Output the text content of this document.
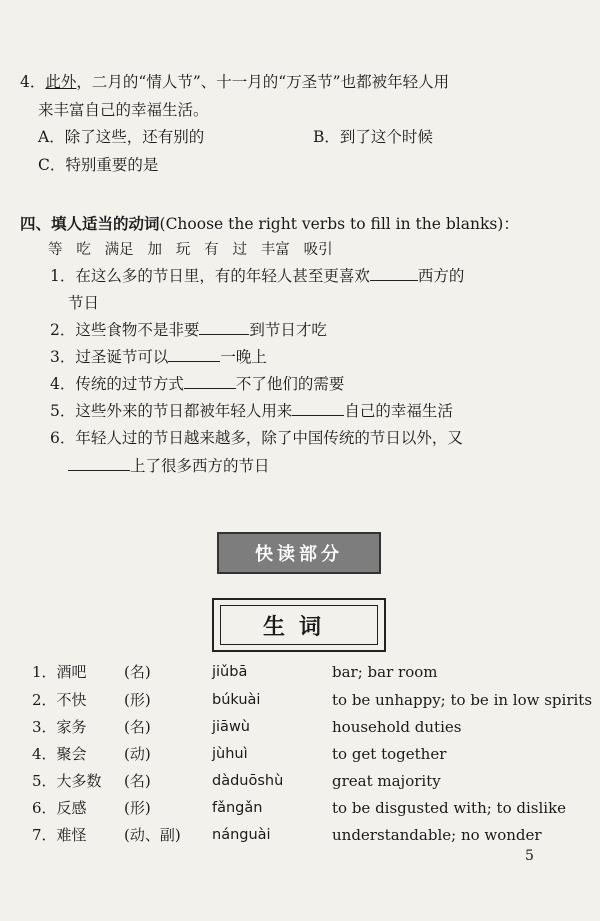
4．此外，二月的“情人节”、十一月的“万圣节”也都被年轻人用
来丰富自己的幸福生活。
A．除了这些，还有别的	B．到了这个时候
C．特别重要的是
四、填人适当的动词(Choose the right verbs to fill in the blanks)：
等 吃 满足 加 玩 有 过 丰富 吸引
1．在这么多的节日里，有的年轻人甚至更喜欢	西方的
节日
2．这些食物不是非要	到节日才吃
3．过圣诞节可以	一晚上
4．传统的过节方式	不了他们的需要
5．这些外来的节日都被年轻人用来	自己的幸福生活
6．年轻人过的节日越来越多，除了中国传统的节日以外，又
上了很多西方的节日
快读部分
生词
1．酒吧 (名)	jiǔbā	bar; bar room
2．不快 (形)	búkuài	to be unhappy; to be in low spirits
3．家务 (名)	jiāwù	household duties
4．聚会 (动)	jùhuì	to get together
5．大多数 (名)	dàduōshù	great majority
6．反感 (形)	fǎngǎn	to be disgusted with; to dislike
7．难怪 (动、副) nánguài	understandable; no wonder
5
